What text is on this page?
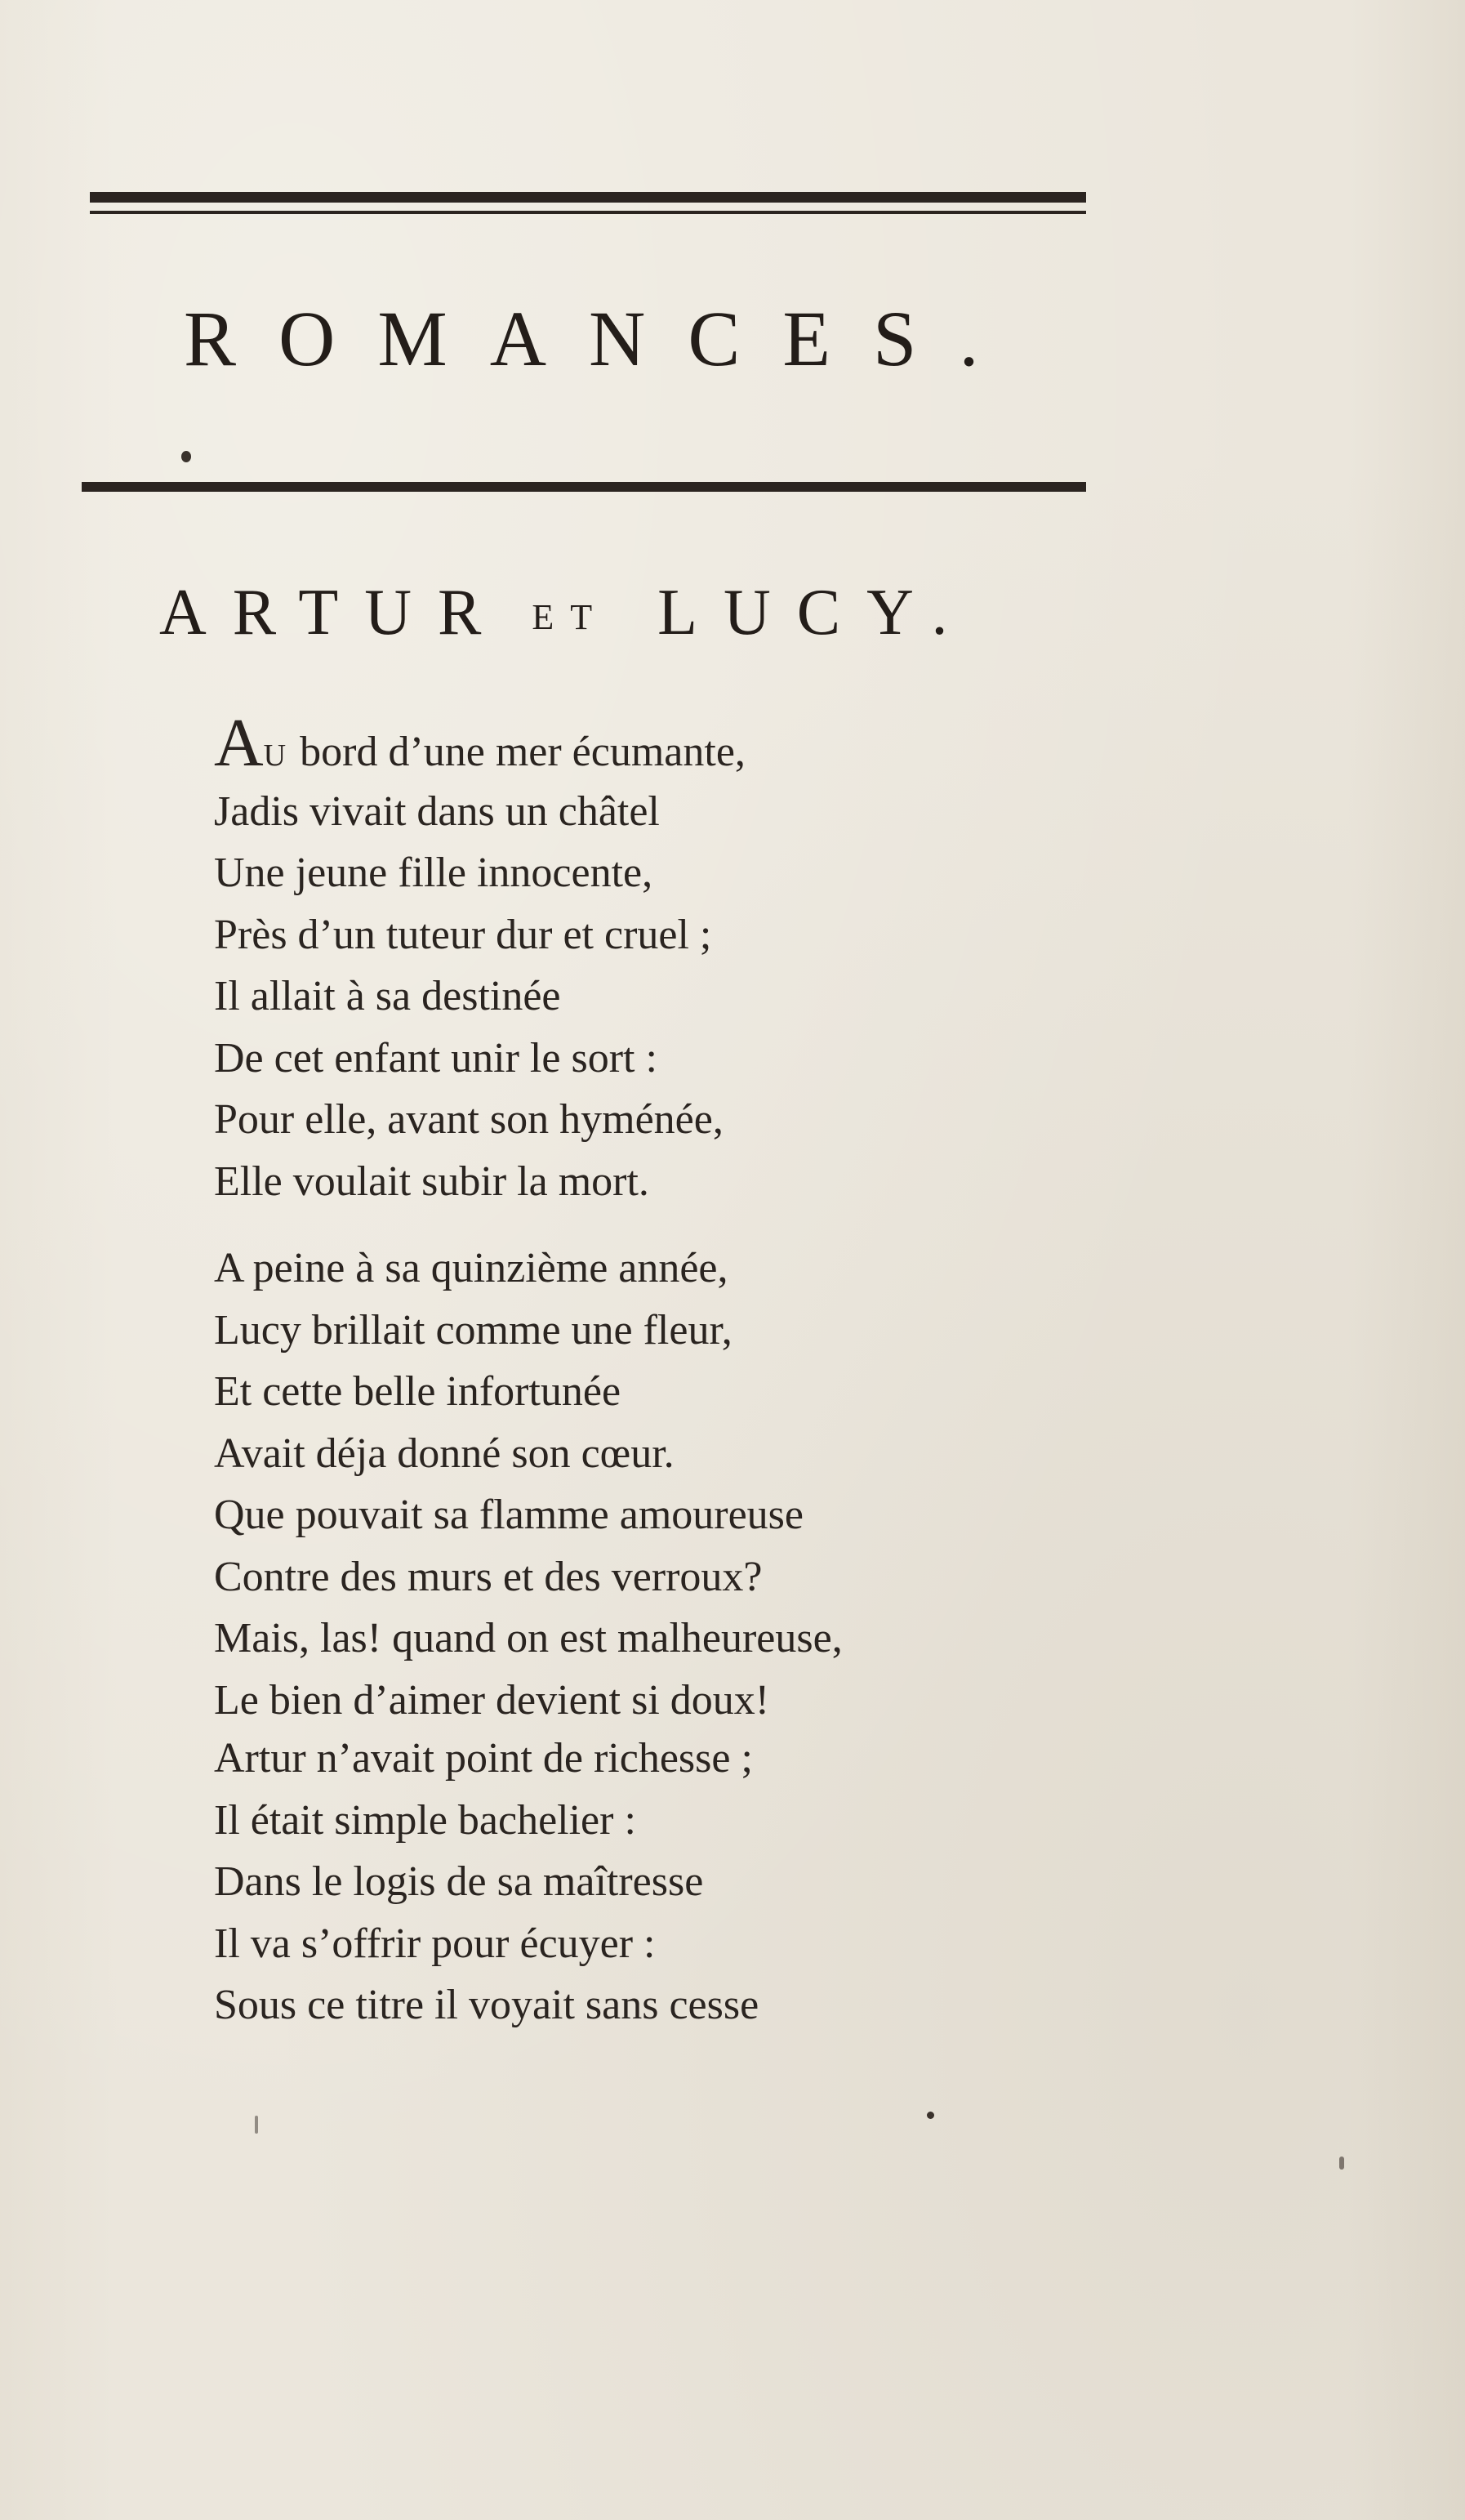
ROMANCES.
ARTUR ET LUCY.
AU bord d’une mer écumante,
Jadis vivait dans un châtel
Une jeune fille innocente,
Près d’un tuteur dur et cruel ;
Il allait à sa destinée
De cet enfant unir le sort :
Pour elle, avant son hyménée,
Elle voulait subir la mort.
A peine à sa quinzième année,
Lucy brillait comme une fleur,
Et cette belle infortunée
Avait déja donné son cœur.
Que pouvait sa flamme amoureuse
Contre des murs et des verroux?
Mais, las! quand on est malheureuse,
Le bien d’aimer devient si doux!
Artur n’avait point de richesse ;
Il était simple bachelier :
Dans le logis de sa maîtresse
Il va s’offrir pour écuyer :
Sous ce titre il voyait sans cesse
